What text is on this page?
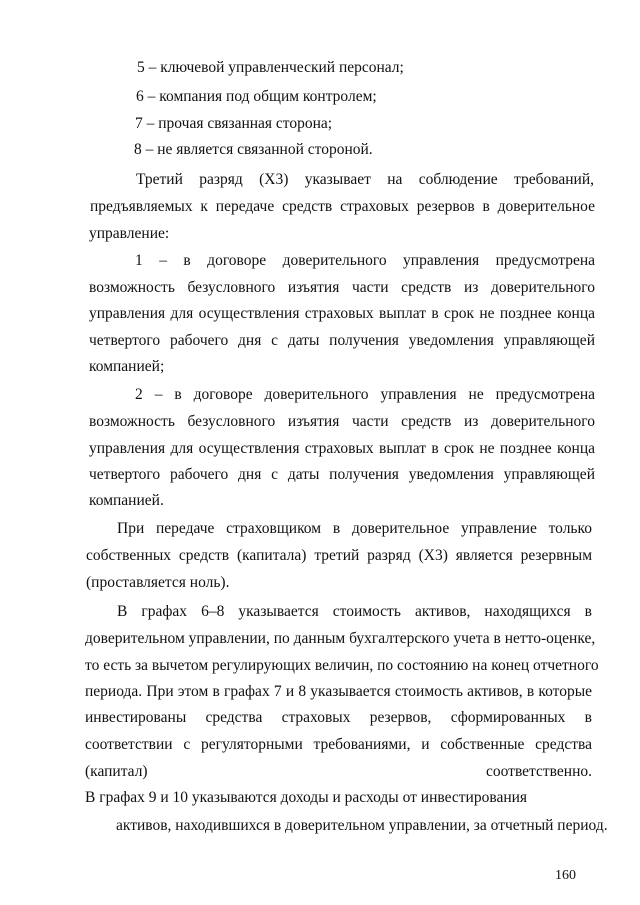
5 – ключевой управленческий персонал;
6 – компания под общим контролем;
7 – прочая связанная сторона;
8 – не является связанной стороной.
Третий разряд (Х3) указывает на соблюдение требований,
предъявляемых к передаче средств страховых резервов в доверительное
управление:
1 – в договоре доверительного управления предусмотрена
возможность безусловного изъятия части средств из доверительного
управления для осуществления страховых выплат в срок не позднее конца
четвертого рабочего дня с даты получения уведомления управляющей
компанией;
2 – в договоре доверительного управления не предусмотрена
возможность безусловного изъятия части средств из доверительного
управления для осуществления страховых выплат в срок не позднее конца
четвертого рабочего дня с даты получения уведомления управляющей
компанией.
При передаче страховщиком в доверительное управление только
собственных средств (капитала) третий разряд (Х3) является резервным
(проставляется ноль).
В графах 6–8 указывается стоимость активов, находящихся в
доверительном управлении, по данным бухгалтерского учета в нетто-оценке,
то есть за вычетом регулирующих величин, по состоянию на конец отчетного
периода. При этом в графах 7 и 8 указывается стоимость активов, в которые
инвестированы средства страховых резервов, сформированных в
соответствии с регуляторными требованиями, и собственные средства
(капитал) соответственно.
В графах 9 и 10 указываются доходы и расходы от инвестирования
активов, находившихся в доверительном управлении, за отчетный период.
160
